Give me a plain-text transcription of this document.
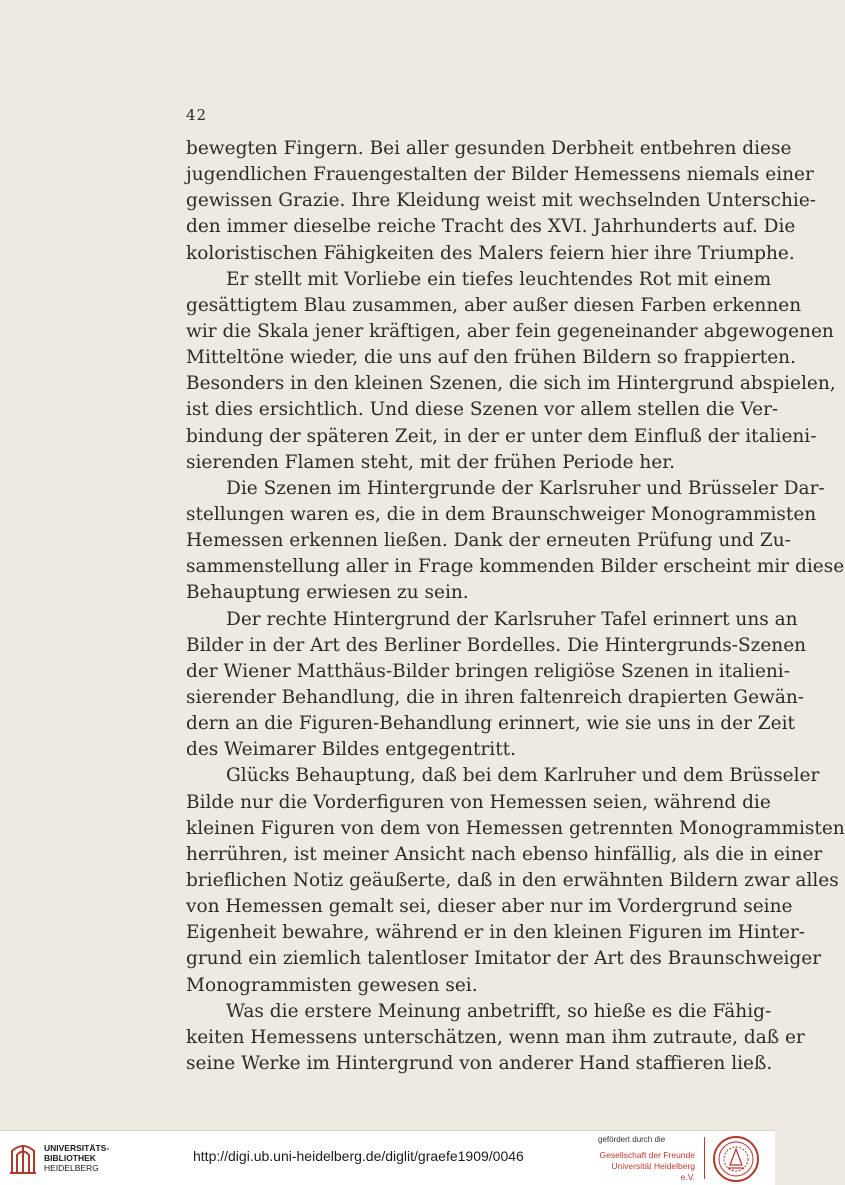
42
bewegten Fingern. Bei aller gesunden Derbheit entbehren diese
jugendlichen Frauengestalten der Bilder Hemessens niemals einer
gewissen Grazie. Ihre Kleidung weist mit wechselnden Unterschie-
den immer dieselbe reiche Tracht des XVI. Jahrhunderts auf. Die
koloristischen Fähigkeiten des Malers feiern hier ihre Triumphe.
Er stellt mit Vorliebe ein tiefes leuchtendes Rot mit einem
gesättigtem Blau zusammen, aber außer diesen Farben erkennen
wir die Skala jener kräftigen, aber fein gegeneinander abgewogenen
Mitteltöne wieder, die uns auf den frühen Bildern so frappierten.
Besonders in den kleinen Szenen, die sich im Hintergrund abspielen,
ist dies ersichtlich. Und diese Szenen vor allem stellen die Ver-
bindung der späteren Zeit, in der er unter dem Einfluß der italieni-
sierenden Flamen steht, mit der frühen Periode her.
Die Szenen im Hintergrunde der Karlsruher und Brüsseler Dar-
stellungen waren es, die in dem Braunschweiger Monogrammisten
Hemessen erkennen ließen. Dank der erneuten Prüfung und Zu-
sammenstellung aller in Frage kommenden Bilder erscheint mir diese
Behauptung erwiesen zu sein.
Der rechte Hintergrund der Karlsruher Tafel erinnert uns an
Bilder in der Art des Berliner Bordelles. Die Hintergrunds-Szenen
der Wiener Matthäus-Bilder bringen religiöse Szenen in italieni-
sierender Behandlung, die in ihren faltenreich drapierten Gewän-
dern an die Figuren-Behandlung erinnert, wie sie uns in der Zeit
des Weimarer Bildes entgegentritt.
Glücks Behauptung, daß bei dem Karlruher und dem Brüsseler
Bilde nur die Vorderfiguren von Hemessen seien, während die
kleinen Figuren von dem von Hemessen getrennten Monogrammisten
herrühren, ist meiner Ansicht nach ebenso hinfällig, als die in einer
brieflichen Notiz geäußerte, daß in den erwähnten Bildern zwar alles
von Hemessen gemalt sei, dieser aber nur im Vordergrund seine
Eigenheit bewahre, während er in den kleinen Figuren im Hinter-
grund ein ziemlich talentloser Imitator der Art des Braunschweiger
Monogrammisten gewesen sei.
Was die erstere Meinung anbetrifft, so hieße es die Fähig-
keiten Hemessens unterschätzen, wenn man ihm zutraute, daß er
seine Werke im Hintergrund von anderer Hand staffieren ließ.
UNIVERSITÄTS-
BIBLIOTHEK
HEIDELBERG
http://digi.ub.uni-heidelberg.de/diglit/graefe1909/0046
gefördert durch die
Gesellschaft der Freunde
Universität Heidelberg e.V.
